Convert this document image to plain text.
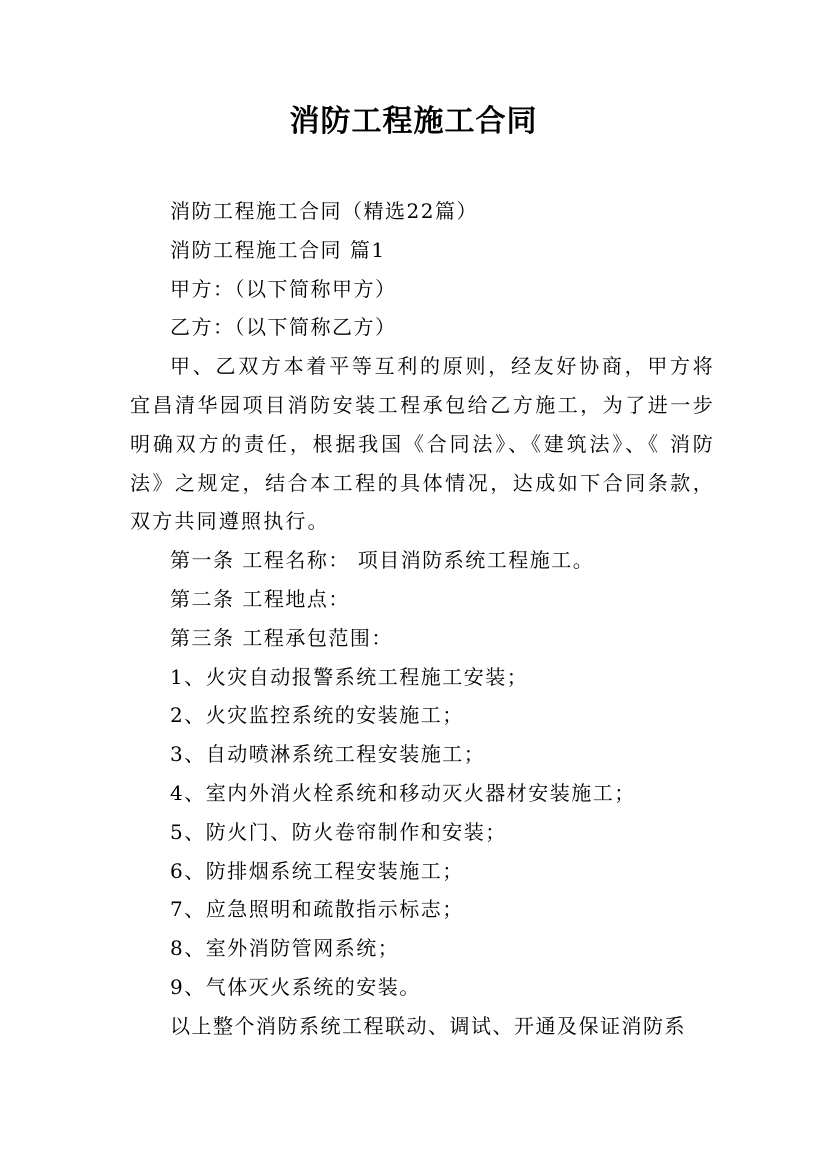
消防工程施工合同

消防工程施工合同（精选22篇）

消防工程施工合同 篇1

甲方：（以下简称甲方）

乙方：（以下简称乙方）

甲、乙双方本着平等互利的原则，经友好协商，甲方将宜昌清华园项目消防安装工程承包给乙方施工，为了进一步明确双方的责任，根据我国《合同法》、《建筑法》、《 消防法》之规定，结合本工程的具体情况，达成如下合同条款，双方共同遵照执行。

第一条 工程名称： 项目消防系统工程施工。

第二条 工程地点：

第三条 工程承包范围：

1、火灾自动报警系统工程施工安装；

2、火灾监控系统的安装施工；

3、自动喷淋系统工程安装施工；

4、室内外消火栓系统和移动灭火器材安装施工；

5、防火门、防火卷帘制作和安装；

6、防排烟系统工程安装施工；

7、应急照明和疏散指示标志；

8、室外消防管网系统；

9、气体灭火系统的安装。

以上整个消防系统工程联动、调试、开通及保证消防系
